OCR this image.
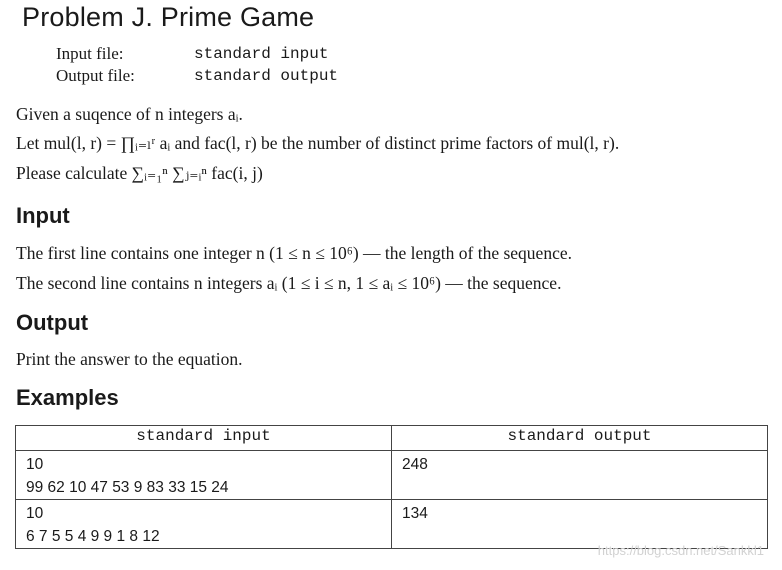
Problem J. Prime Game
Input file:	standard input
Output file:	standard output
Given a suqence of n integers aᵢ.
Let mul(l, r) = ∏ᵢ₌ₗʳ aᵢ and fac(l, r) be the number of distinct prime factors of mul(l, r).
Please calculate ∑ᵢ₌₁ⁿ ∑ⱼ₌ᵢⁿ fac(i, j)
Input
The first line contains one integer n (1 ≤ n ≤ 10⁶) — the length of the sequence.
The second line contains n integers aᵢ (1 ≤ i ≤ n, 1 ≤ aᵢ ≤ 10⁶) — the sequence.
Output
Print the answer to the equation.
Examples
standard input	standard output

10
99 62 10 47 53 9 83 33 15 24	248

10
6 7 5 5 4 9 9 1 8 12	134
https://blog.csdn.net/Sankkl1
